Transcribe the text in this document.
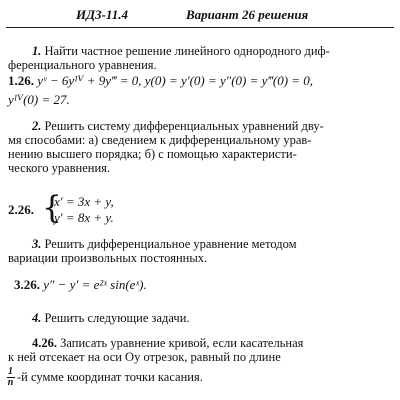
ИДЗ-11.4	Вариант 26 решения
1. Найти частное решение линейного однородного диф-
ференциального уравнения.
1.26. yᵛ − 6yᴵⱽ + 9y‴ = 0, y(0) = y′(0) = y″(0) = y‴(0) = 0,
yᴵⱽ(0) = 27.
2. Решить систему дифференциальных уравнений дву-
мя способами: а) сведением к дифференциальному урав-
нению высшего порядка; б) с помощью характеристи-
ческого уравнения.
2.26. {
x′ = 3x + y,
y′ = 8x + y.
3. Решить дифференциальное уравнение методом
вариации произвольных постоянных.
3.26. y″ − y′ = e²ˣ sin(eˣ).
4. Решить следующие задачи.
4.26. Записать уравнение кривой, если касательная
к ней отсекает на оси Oy отрезок, равный по длине
1
n -й сумме координат точки касания.
